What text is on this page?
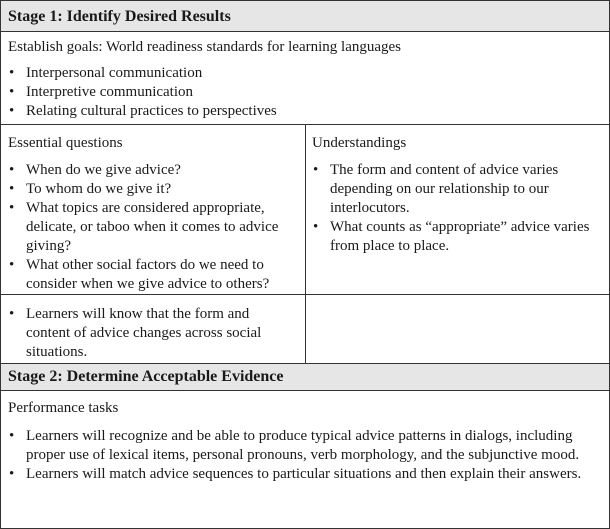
Stage 1: Identify Desired Results

Establish goals: World readiness standards for learning languages

• Interpersonal communication
• Interpretive communication
• Relating cultural practices to perspectives

Essential questions

• When do we give advice?
• To whom do we give it?
• What topics are considered appropriate, delicate, or taboo when it comes to advice giving?
• What other social factors do we need to consider when we give advice to others?

Understandings

• The form and content of advice varies depending on our relationship to our interlocutors.
• What counts as “appropriate” advice varies from place to place.
• Learners will know that the form and content of advice changes across social situations.
Stage 2: Determine Acceptable Evidence

Performance tasks

• Learners will recognize and be able to produce typical advice patterns in dialogs, including proper use of lexical items, personal pronouns, verb morphology, and the subjunctive mood.
• Learners will match advice sequences to particular situations and then explain their answers.
